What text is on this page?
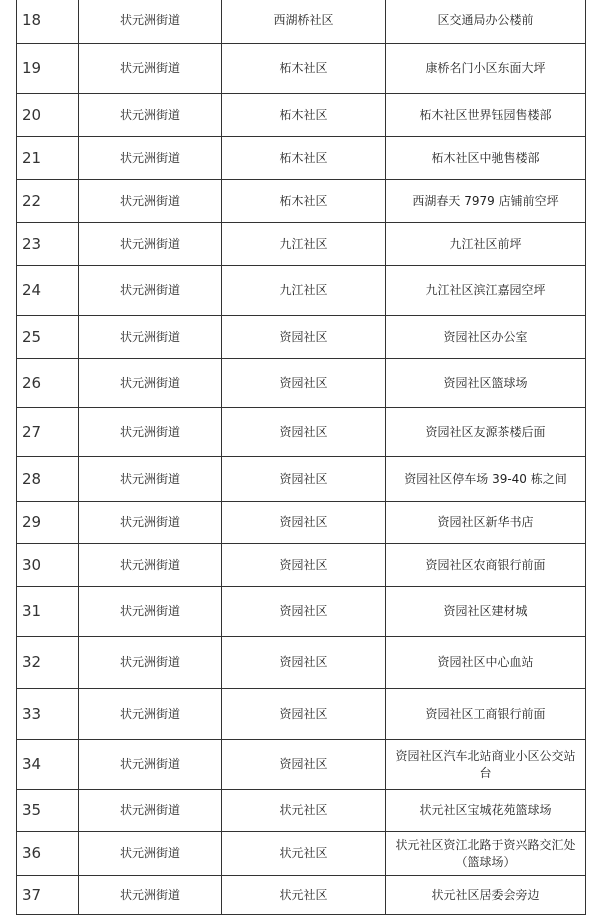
18	状元洲街道	西湖桥社区	区交通局办公楼前
19	状元洲街道	柘木社区	康桥名门小区东面大坪
20	状元洲街道	柘木社区	柘木社区世界钰园售楼部
21	状元洲街道	柘木社区	柘木社区中驰售楼部
22	状元洲街道	柘木社区	西湖春天 7979 店铺前空坪
23	状元洲街道	九江社区	九江社区前坪
24	状元洲街道	九江社区	九江社区滨江嘉园空坪
25	状元洲街道	资园社区	资园社区办公室
26	状元洲街道	资园社区	资园社区篮球场
27	状元洲街道	资园社区	资园社区友源茶楼后面
28	状元洲街道	资园社区	资园社区停车场 39-40 栋之间
29	状元洲街道	资园社区	资园社区新华书店
30	状元洲街道	资园社区	资园社区农商银行前面
31	状元洲街道	资园社区	资园社区建材城
32	状元洲街道	资园社区	资园社区中心血站
33	状元洲街道	资园社区	资园社区工商银行前面
34	状元洲街道	资园社区	资园社区汽车北站商业小区公交站台
35	状元洲街道	状元社区	状元社区宝城花苑篮球场
36	状元洲街道	状元社区	状元社区资江北路于资兴路交汇处（篮球场）
37	状元洲街道	状元社区	状元社区居委会旁边
